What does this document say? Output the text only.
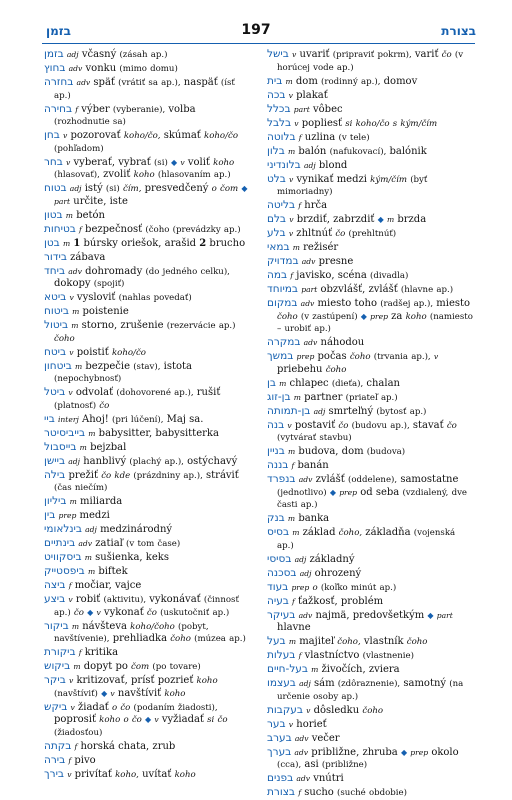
בזמן	197	בצורת
בזמן adj včasný (zásah ap.)
בחוץ adv vonku (mimo domu)
בחזרה adv späť (vrátiť sa ap.), naspäť (ísť ap.)
בחירה f výber (vyberanie), volba (rozhodnutie sa)
בחן v pozorovať koho/čo, skúmať koho/čo (pohľadom)
בחר v vyberať, vybrať (si) ◆ v voliť koho (hlasovať), zvoliť koho (hlasovaním ap.)
בטוח adj istý (si) čím, presvedčený o čom ◆ part určite, iste
בטון m betón
בטיחות f bezpečnosť (čoho (prevádzky ap.)
בטן m 1 búrsky oriešok, arašid 2 brucho
בידור zábava
ביחד adv dohromady (do jedného celku), dokopy (spojiť)
ביטא v vysloviť (nahlas povedať)
ביטוח m poistenie
ביטול m storno, zrušenie (rezervácie ap.) čoho
ביטח v poistiť koho/čo
ביטחון m bezpečie (stav), istota (nepochybnosť)
ביטל v odvolať (dohovorené ap.), rušiť (platnosť) čo
ביי interj Ahoj! (pri lúčení), Maj sa.
בייביסיטר m babysitter, babysitterka
בייסבול m bejzbal
ביישן adj hanblivý (plachý ap.), ostýchavý
בילה prežiť čo kde (prázdniny ap.), stráviť (čas niečím)
ביליון m miliarda
בין prep medzi
בינלאומי adj medzinárodný
בינתיים adv zatiaľ (v tom čase)
ביסקוויט m sušienka, keks
ביפסטייק m biftek
ביצה f močiar, vajce
ביצע v robiť (aktivitu), vykonávať (činnosť ap.) čo ◆ v vykonať čo (uskutočniť ap.)
ביקור m návšteva koho/čoho (pobyt, navštívenie), prehliadka čoho (múzea ap.)
ביקורת f kritika
ביקוש m dopyt po čom (po tovare)
ביקר v kritizovať, prísť pozrieť koho (navštíviť) ◆ v navštíviť koho
ביקש v žiadať o čo (podaním žiadosti), poprosiť koho o čo ◆ v vyžiadať si čo (žiadosťou)
בקתה f horská chata, zrub
בירה f pivo
בירך v privítať koho, uvítať koho
בישל v uvariť (pripraviť pokrm), variť čo (v horúcej vode ap.)
בית m dom (rodinný ap.), domov
בכה v plakať
בכלל part vôbec
בלבל v popliesť si koho/čo s kým/čím
בלוטה f uzlina (v tele)
בלון m balón (nafukovací), balónik
בלונדיני adj blond
בלט v vynikať medzi kým/čím (byť mimoriadny)
בליטה f hrča
בלם v brzdiť, zabrzdiť ◆ m brzda
בלע v zhltnúť čo (prehltnúť)
במאי m režisér
במדויק adv presne
במה f javisko, scéna (divadla)
במיוחד part obzvlášť, zvlášť (hlavne ap.)
במקום adv miesto toho (radšej ap.), miesto čoho (v zastúpení) ◆ prep za koho (namiesto – urobiť ap.)
במקרה adv náhodou
במשך prep počas čoho (trvania ap.), v priebehu čoho
בן m chlapec (dieťa), chalan
בן-זוג m partner (priateľ ap.)
בן-תמותה adj smrteľný (bytosť ap.)
בנה v postaviť čo (budovu ap.), stavať čo (vytvárať stavbu)
בניין m budova, dom (budova)
בננה f banán
בנפרד adv zvlášť (oddelene), samostatne (jednotlivo) ◆ prep od seba (vzdialený, dve časti ap.)
בנק m banka
בסיס m základ čoho, základňa (vojenská ap.)
בסיסי adj základný
בסכנה adj ohrozený
בעוד prep o (koľko minút ap.)
בעיה f ťažkosť, problém
בעיקר adv najmä, predovšetkým ◆ part hlavne
בעל m majiteľ čoho, vlastník čoho
בעלות f vlastníctvo (vlastnenie)
בעל-חיים m živočích, zviera
בעצמו adj sám (zdôraznenie), samotný (na určenie osoby ap.)
בעקבות v dôsledku čoho
בער v horieť
בערב adv večer
בערך adv približne, zhruba ◆ prep okolo (cca), asi (približne)
בפנים adv vnútri
בצורת f sucho (suché obdobie)
